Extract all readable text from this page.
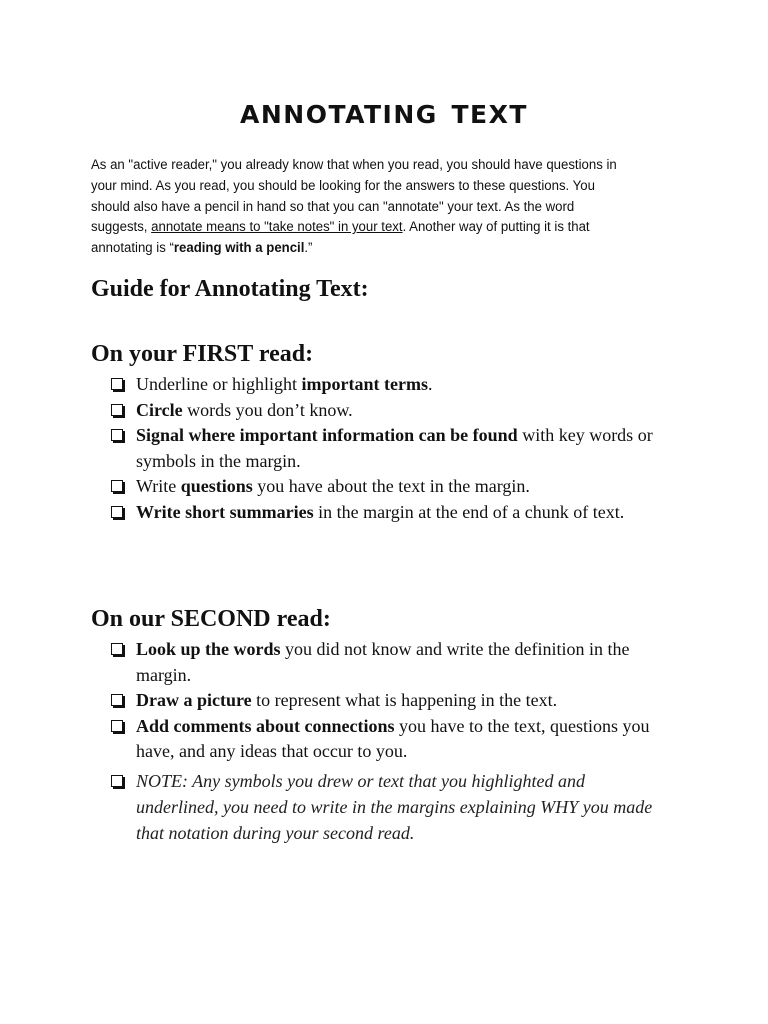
annotating text
As an "active reader," you already know that when you read, you should have questions in your mind. As you read, you should be looking for the answers to these questions. You should also have a pencil in hand so that you can "annotate" your text. As the word suggests, annotate means to "take notes" in your text. Another way of putting it is that annotating is “reading with a pencil.”
Guide for Annotating Text:
On your FIRST read:
Underline or highlight important terms.
Circle words you don’t know.
Signal where important information can be found with key words or symbols in the margin.
Write questions you have about the text in the margin.
Write short summaries in the margin at the end of a chunk of text.
On our SECOND read:
Look up the words you did not know and write the definition in the margin.
Draw a picture to represent what is happening in the text.
Add comments about connections you have to the text, questions you have, and any ideas that occur to you.
NOTE: Any symbols you drew or text that you highlighted and underlined, you need to write in the margins explaining WHY you made that notation during your second read.
